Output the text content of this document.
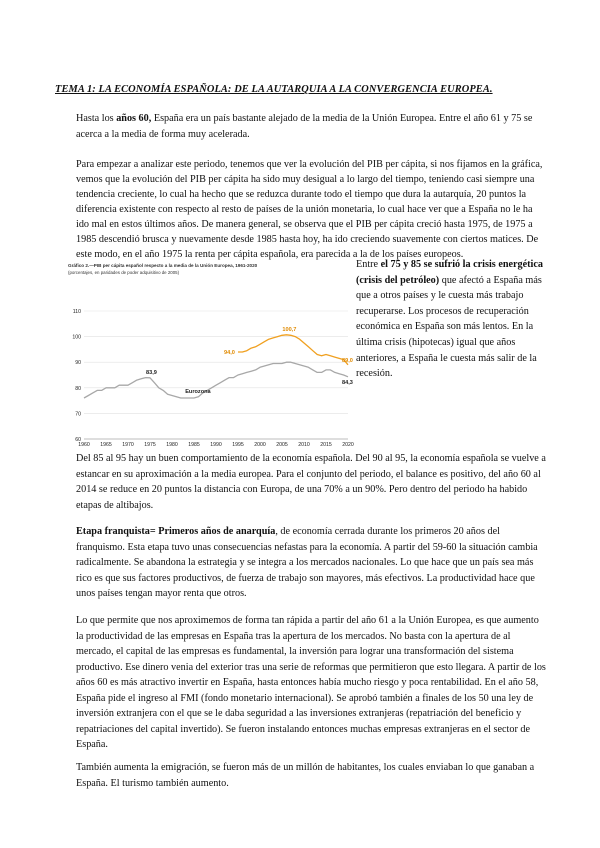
TEMA 1: LA ECONOMÍA ESPAÑOLA: DE LA AUTARQUIA A LA CONVERGENCIA EUROPEA.
Hasta los años 60, España era un país bastante alejado de la media de la Unión Europea. Entre el año 61 y 75 se acerca a la media de forma muy acelerada.
Para empezar a analizar este periodo, tenemos que ver la evolución del PIB per cápita, si nos fijamos en la gráfica, vemos que la evolución del PIB per cápita ha sido muy desigual a lo largo del tiempo, teniendo casi siempre una tendencia creciente, lo cual ha hecho que se reduzca durante todo el tiempo que dura la autarquía, 20 puntos la diferencia existente con respecto al resto de países de la unión monetaria, lo cual hace ver que a España no le ha ido mal en estos últimos años. De manera general, se observa que el PIB per cápita creció hasta 1975, de 1975 a 1985 descendió brusca y nuevamente desde 1985 hasta hoy, ha ido creciendo suavemente con ciertos matices. De este modo, en el año 1975 la renta per cápita española, era parecida a la de los países europeos.
Gráfico 2.—PIB per cápita español respecto a la media de la Unión Europea, 1961-2020
(porcentajes, en paridades de poder adquisitivo de 2005)
60
70
80
90
100
110
1960 1965 1970 1975 1980 1985 1990 1995 2000 2005 2010 2015 2020
83,9
Eurozona
94,0
100,7
89,0
84,3
Entre el 75 y 85 se sufrió la crisis energética (crisis del petróleo) que afectó a España más que a otros países y le cuesta más trabajo recuperarse. Los procesos de recuperación económica en España son más lentos. En la última crisis (hipotecas) igual que años anteriores, a España le cuesta más salir de la recesión.
Del 85 al 95 hay un buen comportamiento de la economía española. Del 90 al 95, la economía española se vuelve a estancar en su aproximación a la media europea. Para el conjunto del periodo, el balance es positivo, del año 60 al 2014 se reduce en 20 puntos la distancia con Europa, de una 70% a un 90%. Pero dentro del periodo ha habido etapas de altibajos.
Etapa franquista= Primeros años de anarquía, de economía cerrada durante los primeros 20 años del franquismo. Esta etapa tuvo unas consecuencias nefastas para la economía. A partir del 59-60 la situación cambia radicalmente. Se abandona la estrategia y se integra a los mercados nacionales. Lo que hace que un país sea más rico es que sus factores productivos, de fuerza de trabajo son mayores, más efectivos. La productividad hace que unos países tengan mayor renta que otros.
Lo que permite que nos aproximemos de forma tan rápida a partir del año 61 a la Unión Europea, es que aumento la productividad de las empresas en España tras la apertura de los mercados. No basta con la apertura de al mercado, el capital de las empresas es fundamental, la inversión para lograr una transformación del sistema productivo. Ese dinero venia del exterior tras una serie de reformas que permitieron que esto llegara. A partir de los años 60 es más atractivo invertir en España, hasta entonces había mucho riesgo y poca rentabilidad. En el año 58, España pide el ingreso al FMI (fondo monetario internacional). Se aprobó también a finales de los 50 una ley de inversión extranjera con el que se le daba seguridad a las inversiones extranjeras (repatriación del beneficio y repatriaciones del capital invertido). Se fueron instalando entonces muchas empresas extranjeras en el sector de España.
También aumenta la emigración, se fueron más de un millón de habitantes, los cuales enviaban lo que ganaban a España. El turismo también aumento.
